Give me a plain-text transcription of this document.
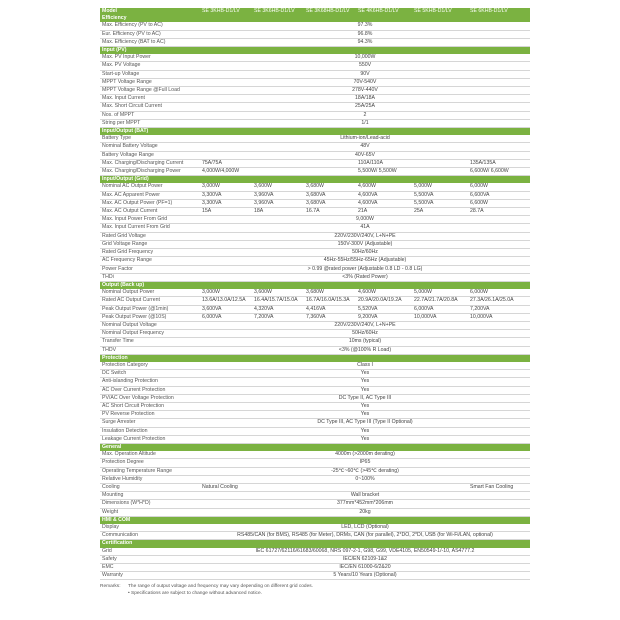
Model	SE 3KHB-D1/LV	SE 3K6HB-D1/LV	SE 3K68HB-D1/LV	SE 4K6HB-D1/LV	SE 5KHB-D1/LV	SE 6KHB-D1/LV
Efficiency						
Max. Efficiency (PV to AC)	97.3%					
Eur. Efficiency (PV to AC)	96.8%					
Max. Efficiency (BAT to AC)	94.3%					
Input (PV)						
Max. PV Input Power	10,000W					
Max. PV Voltage	550V					
Start-up Voltage	90V					
MPPT Voltage Range	70V-540V					
MPPT Voltage Range @Full Load	278V-440V					
Max. Input Current	18A/18A					
Max. Short Circuit Current	25A/25A					
Nos. of MPPT	2					
String per MPPT	1/1					
Input/Output (BAT)						
Battery Type	Lithium-ion/Lead-acid					
Nominal Battery Voltage	48V					
Battery Voltage Range	40V-65V					
Max. Charging/Discharging Current	75A/75A			110A/110A		135A/135A
Max. Charging/Discharging Power	4,000W/4,000W			5,500W/ 5,500W		6,600W/ 6,600W
Input/Output (Grid)						
Nominal AC Output Power	3,000W	3,600W	3,680W	4,600W	5,000W	6,000W
Max. AC Apparent Power	3,300VA	3,960VA	3,680VA	4,600VA	5,500VA	6,600VA
Max. AC Output Power (PF=1)	3,300VA	3,960VA	3,680VA	4,600VA	5,500VA	6,600W
Max. AC Output Current	15A	18A	16.7A	21A	25A	28.7A
Max. Input Power From Grid	9,000W					
Max. Input Current From Grid	41A					
Rated Grid Voltage	220V/230V/240V, L+N+PE					
Grid Voltage Range	150V-300V (Adjustable)					
Rated Grid Frequency	50Hz/60Hz					
AC Frequency Range	45Hz-55Hz/55Hz-65Hz (Adjustable)					
Power Factor	> 0.99 @rated power (Adjustable 0.8 LD - 0.8 LG)					
THDi	<3% (Rated Power)					
Output (Back up)						
Nominal Output Power	3,000W	3,600W	3,680W	4,600W	5,000W	6,000W
Rated AC Output Current	13.6A/13.0A/12.5A	16.4A/15.7A/15.0A	16.7A/16.0A/15.3A	20.9A/20.0A/19.2A	22.7A/21.7A/20.8A	27.3A/26.1A/25.0A
Peak Output Power (@1min)	3,600VA	4,320VA	4,416VA	5,520VA	6,000VA	7,200VA
Peak Output Power (@10S)	6,000VA	7,200VA	7,360VA	9,200VA	10,000VA	10,000VA
Nominal Output Voltage	220V/230V/240V, L+N+PE					
Nominal Output Frequency	50Hz/60Hz					
Transfer Time	10ms (typical)					
THDV	<3% (@100% R Load)					
Protection						
Protection Category	Class I					
DC Switch	Yes					
Anti-islanding Protection	Yes					
AC Over Current Protection	Yes					
PV/AC Over Voltage Protection	DC Type II, AC Type III					
AC Short Circuit Protection	Yes					
PV Reverse Protection	Yes					
Surge Arrester	DC Type III, AC Type III (Type II Optional)					
Insulation Detection	Yes					
Leakage Current Protection	Yes					
General						
Max. Operation Altitude	4000m (>2000m derating)					
Protection Degree	IP65					
Operating Temperature Range	-25℃~60℃ (>45℃ derating)					
Relative Humidity	0~100%					
Cooling	Natural Cooling					Smart Fan Cooling
Mounting	Wall bracket					
Dimensions (W*H*D)	377mm*452mm*206mm					
Weight	20kg					
HMI & COM						
Display	LED, LCD (Optional)					
Communication	RS485/CAN (for BMS), RS485 (for Meter), DRMs, CAN (for parallel), 2*DO, 2*DI, USB (for Wi-Fi/LAN, optional)					
Certification						
Grid	IEC 61727/62116/61683/60068, NRS 097-2-1, G98, G99, VDE4105, EN50549-1/-10, AS4777.2					
Safety	IEC/EN 62109-1&2					
EMC	IEC/EN 61000-6/2&20					
Warranty	5 Years/10 Years (Optional)					
Remarks: The range of output voltage and frequency may vary depending on different grid codes.
• Specifications are subject to change without advanced notice.
